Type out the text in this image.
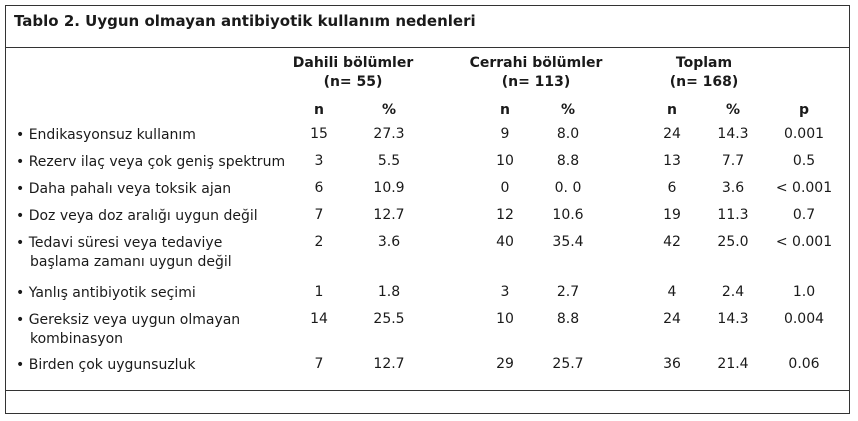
Tablo 2. Uygun olmayan antibiyotik kullanım nedenleri
Dahili bölümler
(n= 55)
Cerrahi bölümler
(n= 113)
Toplam
(n= 168)
n	%	n	%	n	%	p
• Endikasyonsuz kullanım	15	27.3	9	8.0	24	14.3	0.001
• Rezerv ilaç veya çok geniş spektrum	3	5.5	10	8.8	13	7.7	0.5
• Daha pahalı veya toksik ajan	6	10.9	0	0. 0	6	3.6	< 0.001
• Doz veya doz aralığı uygun değil	7	12.7	12	10.6	19	11.3	0.7
• Tedavi süresi veya tedaviye
başlama zamanı uygun değil
2	3.6	40	35.4	42	25.0	< 0.001
• Yanlış antibiyotik seçimi	1	1.8	3	2.7	4	2.4	1.0
• Gereksiz veya uygun olmayan
kombinasyon
14	25.5	10	8.8	24	14.3	0.004
• Birden çok uygunsuzluk	7	12.7	29	25.7	36	21.4	0.06
